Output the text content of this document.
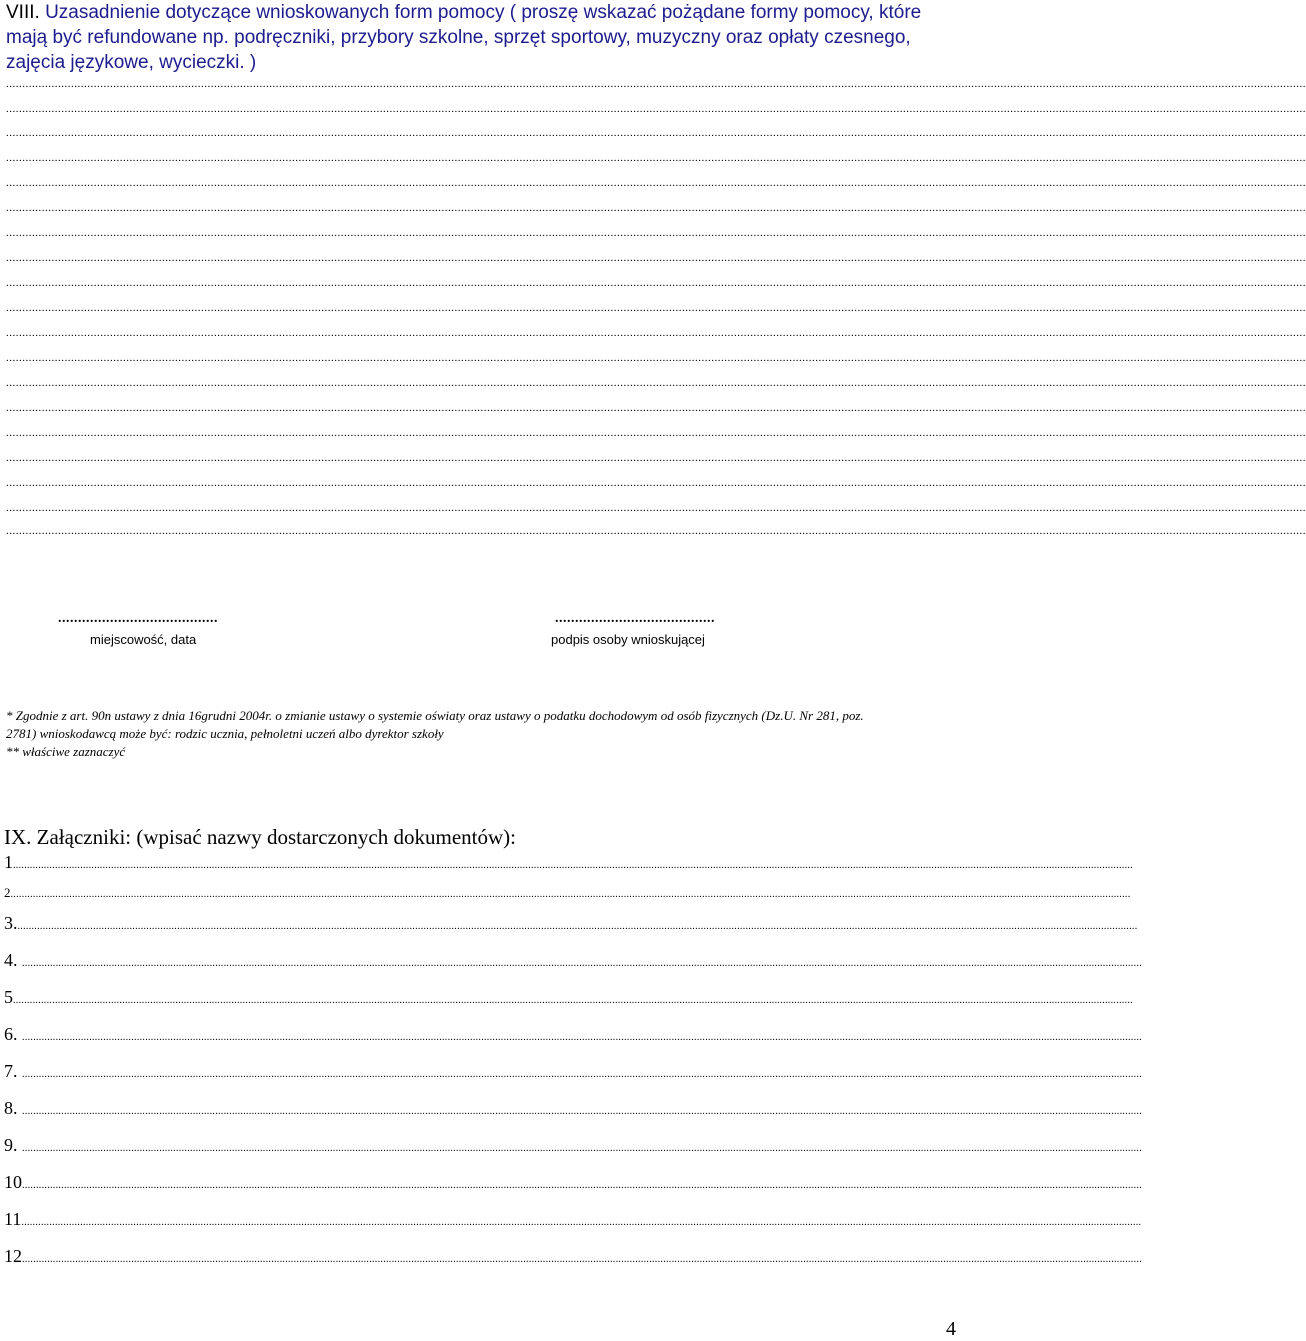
VIII. Uzasadnienie dotyczące wnioskowanych form pomocy ( proszę wskazać pożądane formy pomocy, które mają być refundowane np. podręczniki, przybory szkolne, sprzęt sportowy, muzyczny oraz opłaty czesnego, zajęcia językowe, wycieczki. )
................................................................................................................................................................................................................................................................................................................................................................................................................
................................................................................................................................................................................................................................................................................................................................................................................................................
................................................................................................................................................................................................................................................................................................................................................................................................................
................................................................................................................................................................................................................................................................................................................................................................................................................
................................................................................................................................................................................................................................................................................................................................................................................................................
................................................................................................................................................................................................................................................................................................................................................................................................................
................................................................................................................................................................................................................................................................................................................................................................................................................
................................................................................................................................................................................................................................................................................................................................................................................................................
................................................................................................................................................................................................................................................................................................................................................................................................................
................................................................................................................................................................................................................................................................................................................................................................................................................
................................................................................................................................................................................................................................................................................................................................................................................................................
................................................................................................................................................................................................................................................................................................................................................................................................................
................................................................................................................................................................................................................................................................................................................................................................................................................
................................................................................................................................................................................................................................................................................................................................................................................................................
................................................................................................................................................................................................................................................................................................................................................................................................................
................................................................................................................................................................................................................................................................................................................................................................................................................
................................................................................................................................................................................................................................................................................................................................................................................................................
................................................................................................................................................................................................................................................................................................................................................................................................................
................................................................................................................................................................................................................................................................................................................................................................................................................
........................................
miejscowość, data
........................................
podpis osoby wnioskującej
* Zgodnie z art. 90n ustawy z dnia 16grudni 2004r. o zmianie ustawy o systemie oświaty oraz ustawy o podatku dochodowym od osób fizycznych (Dz.U. Nr 281, poz.
2781) wnioskodawcą może być: rodzic ucznia, pełnoletni uczeń albo dyrektor szkoły
** właściwe zaznaczyć
IX. Załączniki: (wpisać nazwy dostarczonych dokumentów):
1................................................................................................................................................................................................................................................................................................................................................................................................................
2................................................................................................................................................................................................................................................................................................................................................................................................................
3.................................................................................................................................................................................................................................................................................................................................................................................................................
4. ................................................................................................................................................................................................................................................................................................................................................................................................................
5................................................................................................................................................................................................................................................................................................................................................................................................................
6. ................................................................................................................................................................................................................................................................................................................................................................................................................
7. ................................................................................................................................................................................................................................................................................................................................................................................................................
8. ................................................................................................................................................................................................................................................................................................................................................................................................................
9. ................................................................................................................................................................................................................................................................................................................................................................................................................
10................................................................................................................................................................................................................................................................................................................................................................................................................
11................................................................................................................................................................................................................................................................................................................................................................................................................
12................................................................................................................................................................................................................................................................................................................................................................................................................
4
